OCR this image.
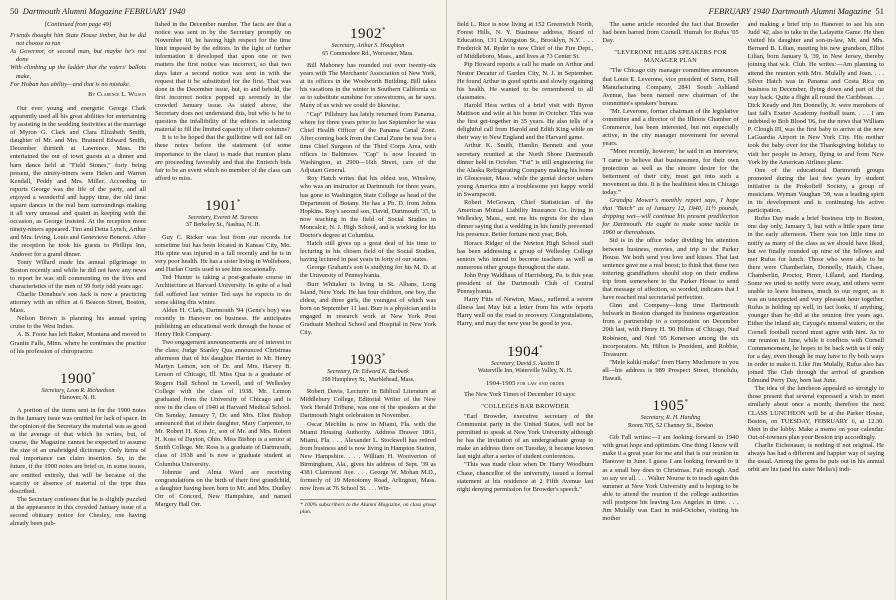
50 Dartmouth Alumni Magazine FEBRUARY 1940
[Continued from page 49]
Friends thought him State House timber, but he did not choose to run
As Governor, or second man, but maybe he's not done
With climbing up the ladder that the voters' ballots make,
For Hoban has ability—and that is no mistake.
By Clarence L. Wilson

Our ever young and energetic George Clark apparently used all his great abilities for entertaining by assisting in the wedding festivities at the marriage of Myron G. Clark and Clara Elizabeth Smith, daughter of Mr. and Mrs. Brainerd Edward Smith, December thirtieth at Lawrence. Mass. He entertained the out of town guests at a dinner and barn dance held at "Field Stones," forty being present, the ninety-niners were Helen and Warren Kendall, Peddy and Mrs. Miller. According to reports George was the life of the party, and all enjoyed a wonderful and happy time, the old time square dances in the real barn surroundings making it all very unusual and quaint in keeping with the occasion, as George insisted. At the reception more ninety-niners appeared. Tim and Detta Lynch, Arthur and Mrs. Irving, Louis and Genevieve Beneret. After the reception he took his guests to Phillips Inn, Andover for a grand dinner.

Tonty Willard made his annual pilgrimage to Boston recently and while he did not have any news to report he was still commenting on the lives and characteristics of the men of 99 forty odd years ago.

Charlie Donahue's son Jack is now a practicing attorney with an office at 6 Beacon Street, Boston, Mass.

Nelson Brown is planning his annual spring cruise to the West Indies.

A. B. Foote has left Baker, Montana and moved to Granite Falls, Minn. where he continues the practice of his profession of chiropractor.

1900*
Secretary, Leon R. Richardson
Hanover, N. H.

A portion of the items sent in for the 1900 notes in the January issue was omitted for lack of space. In the opinion of the Secretary the material was as good as the average of that which he writes, but, of course, the Magazine cannot be expected to assume the size of an unabridged dictionary. Only items of real importance can claim insertion. So, in the future, if the 1900 notes are brief or, in some issues, are omitted entirely, that will be because of the scarcity or absence of material of the type thus described.

The Secretary confesses that he is slightly puzzled at the appearance in this crowded January issue of a second obituary notice for Chesley, one having already been pub-

lished in the December number. The facts are that a notice was sent in by the Secretary promptly on November 10, he having high respect for the time limit imposed by the editors. In the light of further information it developed that upon one or two matters the first notice was incorrect, so that two days later a second notice was sent in with the request that it be substituted for the first. That was done in the December issue, but, to and behold, the first incorrect notice popped up serenely in the crowded January issue. As stated above, the Secretary does not understand this, but who is he to question the infallibility of the editors in selecting material to fill the limited capacity of their columns?

It is to be hoped that the guillotine will not fall on these notes before the statement (of some importance to the class) is made that reunion plans are proceeding favorably and that the Enrietch bids fair to be an event which no member of the class can afford to miss.

1901*
Secretary, Everett M. Stevens
37 Berkeley St., Nashua, N. H.

Guy C. Ricker was lost from our records for sometime but has been located in Kansas City, Mo. His spine was injured in a fall recently and he is in very poor health. He has a sister living in Wolfeboro, and Harlan Curtis used to see him occasionally.

Ted Hunter is taking a post-graduate course in Architecture at Harvard University. In spite of a bad fall suffered last winter Ted says he expects to do some skiing this winter.

Alden H. Clark, Dartmouth '94 (Gene's boy) was recently in Hanover on business. He anticipates publishing an educational work through the house of Henry Holt Company.

Two engagement announcements are of interest to the class: Judge Stanley Qua announced Christmas afternoon that of his daughter Harriet to Mr. Henry Martyn Lemon, son of Dr. and Mrs. Harvey B. Lemon of Chicago, Ill. Miss Qua is a graduate of Rogers Hall School in Lowell, and of Wellesley College with the class of 1938. Mr. Lemon graduated from the University of Chicago and is now in the class of 1940 at Harvard Medical School. On Sunday, January 7, Dr. and Mrs. Eliot Bishop announced that of their daughter, Mary Carpenter, to Mr. Robert H. Koss Jr., son of Mr. and Mrs. Robert H. Koss of Dayton, Ohio. Miss Bishop is a senior at Smith College. Mr. Ross is a graduate of Dartmouth, class of 1938 and is now a graduate student at Columbia University.

Johnnie and Alma Ward are receiving congratulations on the birth of their first grandchild, a daughter having been born to Mr. and Mrs. Dudley Orr of Concord, New Hampshire, and named Margery Hall Orr.

1902*
Secretary, Arthur S. Houghton
65 Commodore Rd., Worcester, Mass.

Bill Mahoney has rounded out over twenty-six years with The Merchants' Association of New York, at its offices in the Woolworth Building. Bill takes his vacations in the winter in Southern California so as to substitute sunshine for snowstorms, as he says. Many of us wish we could do likewise.

"Cap" Pillsbury has lately returned from Panama, where for three years prior to last September he was Chief Health Officer of the Panama Canal Zone. After coming back from the Canal Zone he was for a time Chief Surgeon of the Third Corps Area, with offices in Baltimore. "Cap" is now located in Washington, at 2900—16th Street, care of the Adjutant General.

Roy Hatch writes that his oldest son, Winslow, who was an instructor at Dartmouth for three years, has gone to Washington State College as head of the Department of Botany. He has a Ph. D. from Johns Hopkins. Roy's second son, David, Dartmouth '35, is now teaching in the field of Social Studies in Moncalcir, N. J. High School, and is working for his Doctor's degree at Columbia.

Hatch still gives up a great deal of his time to lecturing in his chosen field of the Social Studies, having lectured in past years in forty of our states.

George Graham's son is studying for his M. D. at the University of Pennsylvania.

Burr Whitaker is living in St. Albans, Long Island, New York. He has four children, one boy, the eldest, and three girls, the youngest of which was born on September 11 last. Burr is a physician and is engaged in research work at New York Post Graduate Medical School and Hospital in New York City.

1903*
Secretary, Dr. Edward K. Burbeck
198 Humphrey St., Marblehead, Mass.

Robert Davis, Lecturer in Biblical Literature at Middlebury College, Editorial Writer of the New York Herald Tribune, was one of the speakers at the Dartmouth Night celebration in November.

Oscar Mechlin is now in Miami, Fla. with the Miami Housing Authority. Address Drawer 1861, Miami, Fla. . . . Alexander L. Stockwell has retired from business and is now living in Hampton Station, New Hampshire. . . . William H. Wooiverton of Birmingham, Ala., gives his address of Sept. '39 as 4381 Clairmont Ave. . . . George W. Mohan M.D., formerly of 19 Menotomy Road, Arlington, Mass. now lives at 76 School St. . . . Win-

* 100% subscribers to the Alumni Magazine, on class group plan.
FEBRUARY 1940 Dartmouth Alumni Magazine 51

field L. Rice is now living at 152 Greenwich North, Forest Hills, N. Y. Business address, Board of Education, 131 Livingston St., Brooklyn, N.Y. . . . Frederick M. Ryder is now Chief of the Fire Dept., of Middleboro, Mass., and lives at 73 Center St.

Pip Howard reports a call he made on Arthur and Nestor Decatur of Garden City, N. J. in September. He found Arthur in good spirits and slowly regaining his health. He wanted to be remembered to all classmates.

Harold Hess writes of a brief visit with Byron Mattison and wife at his home in October. This was the first get-together in 35 years. He also tells of a delightful call from Harold and Edith King while on their way to New England and the Harvard game.

Arthur K. Smith, Hamlin Bennett and your secretary reunited at the North Shore Dartmouth dinner held in October. "Fat" is still engineering for the Alaska Refrigerating Company making his home in Gloucester, Mass. while the genial doctor ushers young America into a troublesome yet happy world in Swampscott.

Robert McGowan, Chief Statistician of the American Mutual Liability Insurance Co. living in Wellesley, Mass., sent me his regrets for the class dinner saying that a wedding in his family prevented his presence. Better fortune next year, Bob.

Horace Ridger of the Newton High School staff has been addressing a group of Wellesley College seniors who intend to become teachers as well as numerous other groups throughout the state.

John Pray Waldhaus of Harrisburg, Pa. is this year president of the Dartmouth Club of Central Pennsylvania.

Harry Fitts of Newton, Mass., suffered a severe illness last May but a letter from his wife reports Harry well on the road to recovery. Congratulations, Harry, and may the new year be good to you.

1904*
Secretary, David S. Austin II
Waterville Inn, Waterville Valley, N. H.
1904-1905 for law and order

The New York Times of December 10 says:

"COLLEGES BAR BROWDER

"Earl Browder, executive secretary of the Communist party in the United States, will not be permitted to speak at New York University although he has the invitation of an undergraduate group to make an address there on Tuesday, it became known last night after a series of student conferences.

"This was made clear when Dr. Harry Woodburn Chase, chancellor of the university, issued a formal statement at his residence at 2 Fifth Avenue last night denying permission for Browder's speech."

The same article recorded the fact that Browder had been barred from Cornell. Hurrah for Rufus '05 Day.

"LEVERONE HEADS SPEAKERS FOR MANAGER PLAN

"The Chicago city manager committee announces that Louis E. Leverone, vice president of Stein, Hall Manufacturing Company, 2841 South Ashland Avenue, has been named new chairman of the committee's speakers' bureau.

"Mr. Leverone, former chairman of the legislative committee and a director of the Illinois Chamber of Commerce, has been interested, but not especially active, in the city manager movement for several years.

"'More recently, however,' he said in an interview, 'I came to believe that businessmen, for their own protection as well as the sincere desire for the betterment of their city, must get into such a movement as this. It is the healthiest idea in Chicago today.'"

Grandpa Mower's monthly report says, I hope that "Butch" as of January 12, 1940, 11½ pounds, dripping wet—will continue his present predilection for Dartmouth. He ought to make some tackle in 1960 or thereabouts.

Sid is in the office today dividing his attention between business, movies, and trip to the Parker House. We both send you love and kisses. That last sentence gave me a real boost; to think that these two tottering grandfathers should stop on their endless trip from somewhere to the Parker House to send that message of affection, so worded, indicates that I have reached real secretarial perfection.

Ginn and Company—long time Dartmouth bulwark in Boston changed its business organization from a partnership to a corporation on December 20th last, with Henry H. '90 Hilton of Chicago, Ned Robinson, and Ned '05 Kenerson among the six incorporators. Mr. Hilton is President, and Robbie, Treasurer.

"Mele kaliki maka" from Harry Muchmore to you all—his address is 989 Prospect Street, Honolulu, Hawaii.

1905*
Secretary, R. H. Harding
Room 705, 52 Channey St., Boston

Gib Fall writes:—I am looking forward to 1940 with great hope and optimism. One thing I know will make it a great year for me and that is our reunion in Hanover in June. I guess I am looking forward to it as a small boy does to Christmas. Fair enough. And so say we all. . . . Walter Nourse is to teach again this summer at New York University and is hoping to be able to attend the reunion if the college authorities will postpone his leaving Los Angeles in time. . . . Jim Mulally was East in mid-October, visiting his mother

and making a brief trip to Hanover to see his son Judd '42, also to take in the Lafayette Game. He then visited his daughter and son-in-law, Mr. and Mrs. Bernard B. Lilian, meeting his new grandson, Elliot Lilian, born January 9, '39, in New Jersey, thereby joining that w.k. Club. He writes:—Am planning to attend the reunion with Mrs. Mulally and Joan. . . . Silver Hatch was in Panama and Costa Rica on business in December, flying down and part of the way back. Quite a flight all round the Caribbean. . . . Dick Keady and Jim Donnelly, Jr. were members of last fall's Exeter Academy football team. . . . I am indebted to Bob Blood '06, for the news that William P. Clough III, was the first baby to arrive at the new LaGuardia Airport in New York City. His mother took the baby over for the Thanksgiving holiday to visit her people in Jersey, flying to and from New York by the American Airlines plane.

One of the educational Dartmouth groups promoted during the last few years by student initiative is the Prokofieff Society, a group of musicians. Wyman Vaughan '39, was a leading spirit in its development and is continuing his active participation.

Rufus Day made a brief business trip to Boston, one day only, January 5, but with a little spare time in the early afternoon. There was too little time to notify as many of the class as we should have liked, but we finally rounded up nine of the fellows and met Rufus for lunch. Those who were able to be there were Chamberlain, Donnelly, Hatch, Chase, Chamberlin, Proctor, Pirrer, Lilland, and Harding. Some we tried to notify were away, and others were unable to leave business, much to our regret, as it was an unexpected and very pleasant hour together. Rufus is holding up well, in fact looks, if anything, younger than he did at the reunion five years ago. Either the inland air, Cayuga's mineral waters, or the Cornell football record must agree with him. As to our reunion in June, while it conflicts with Cornell Commencement, he hopes to be back with us if only for a day, even though he may have to fly both ways in order to make it. Like Jim Mulally, Rufus also has joined The Club through the arrival of grandson Edmund Perry Day, born last June.

The idea of the luncheon appealed so strongly to those present that several expressed a wish to meet similarly about once a month; therefore the next CLASS LUNCHEON will be at the Parker House, Boston, on TUESDAY, FEBRUARY 6, at 12.30. Meet in the lobby. Make a memo on your calendar. Out-of-towners plan your Boston trip accordingly.

Charlie Eichenauer, is nothing if not original. He always has had a different and happier way of saying the usual. Among the gems he puts out in his annual orbit are his (and his sister Melia's) indi-
